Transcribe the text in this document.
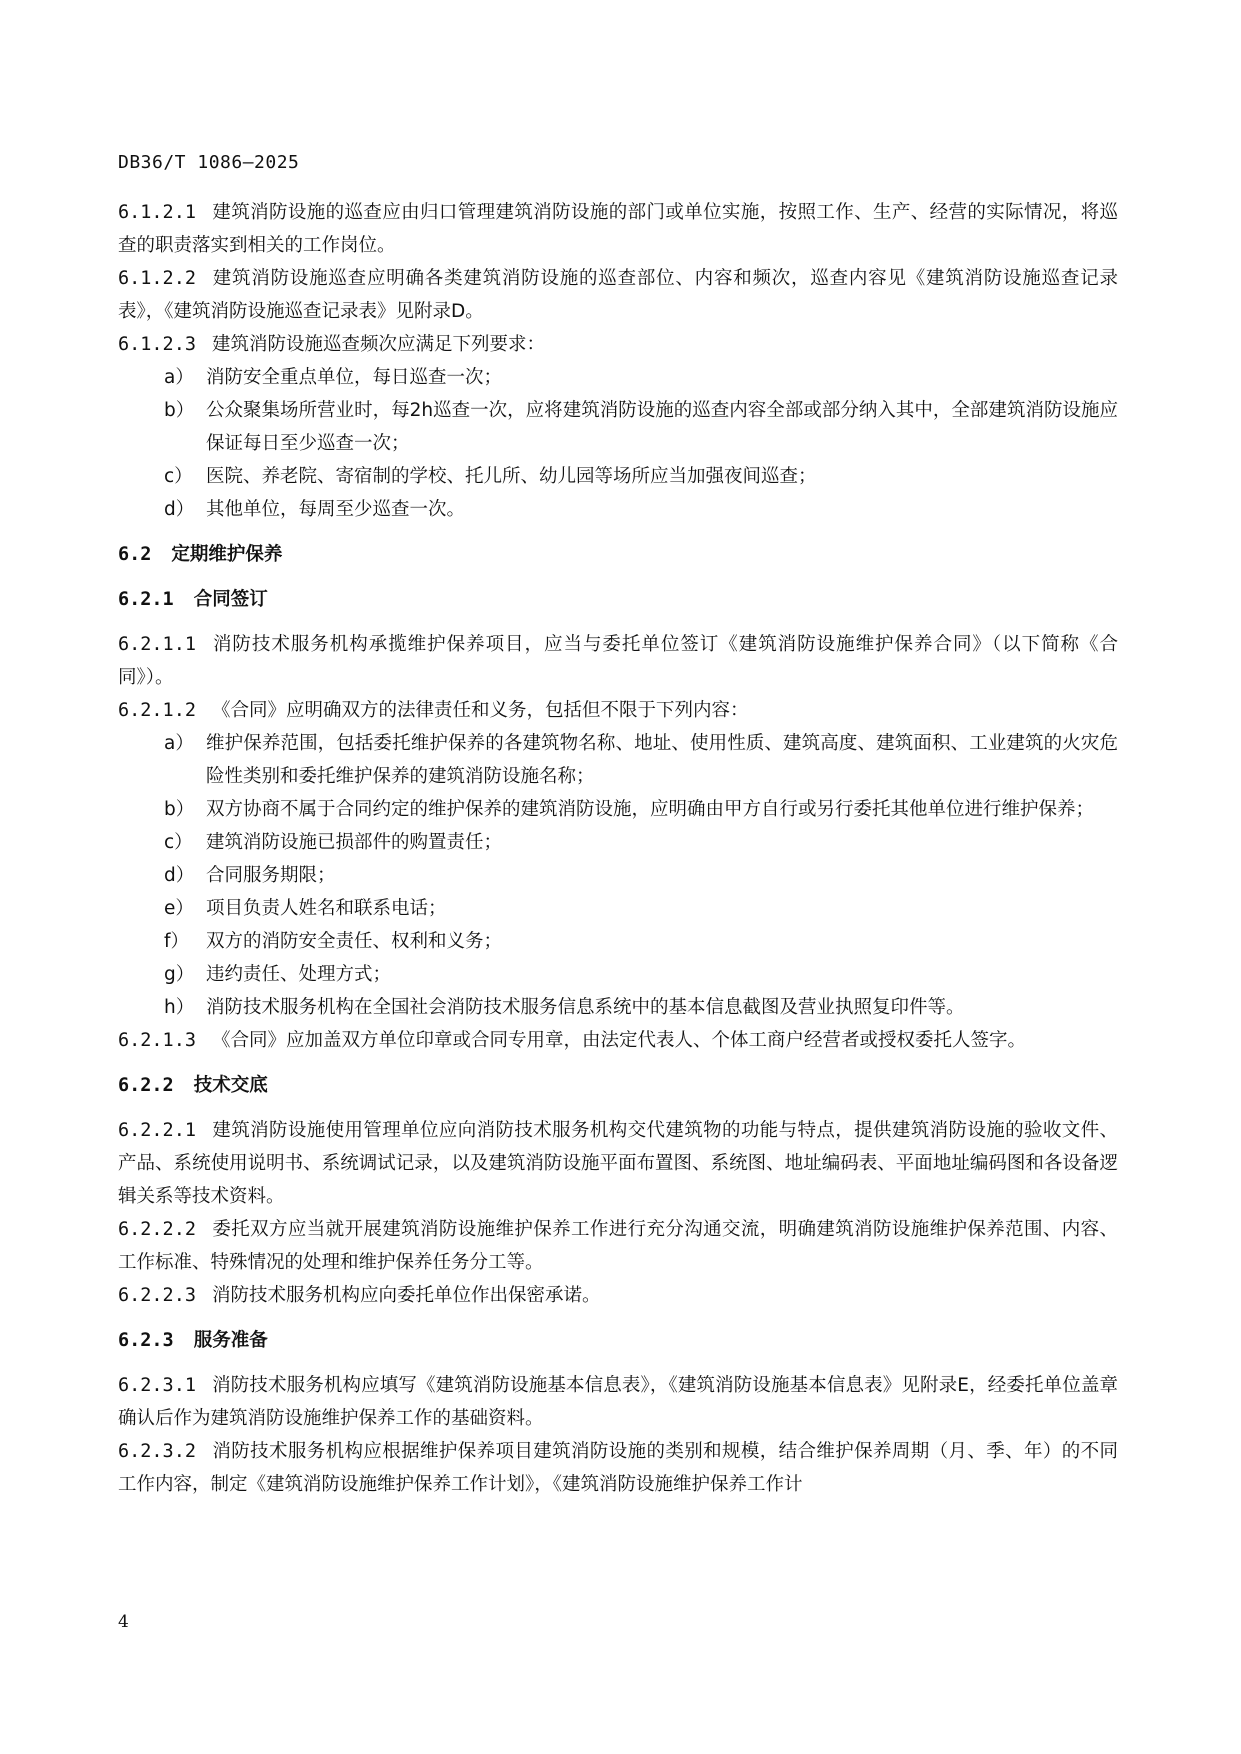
DB36/T 1086—2025

6.1.2.1 建筑消防设施的巡查应由归口管理建筑消防设施的部门或单位实施，按照工作、生产、经营的实际情况，将巡查的职责落实到相关的工作岗位。

6.1.2.2 建筑消防设施巡查应明确各类建筑消防设施的巡查部位、内容和频次，巡查内容见《建筑消防设施巡查记录表》，《建筑消防设施巡查记录表》见附录D。

6.1.2.3 建筑消防设施巡查频次应满足下列要求：

a） 消防安全重点单位，每日巡查一次；

b） 公众聚集场所营业时，每2h巡查一次，应将建筑消防设施的巡查内容全部或部分纳入其中，全部建筑消防设施应保证每日至少巡查一次；

c） 医院、养老院、寄宿制的学校、托儿所、幼儿园等场所应当加强夜间巡查；

d） 其他单位，每周至少巡查一次。

6.2 定期维护保养

6.2.1 合同签订

6.2.1.1 消防技术服务机构承揽维护保养项目，应当与委托单位签订《建筑消防设施维护保养合同》（以下简称《合同》）。

6.2.1.2 《合同》应明确双方的法律责任和义务，包括但不限于下列内容：

a） 维护保养范围，包括委托维护保养的各建筑物名称、地址、使用性质、建筑高度、建筑面积、工业建筑的火灾危险性类别和委托维护保养的建筑消防设施名称；

b） 双方协商不属于合同约定的维护保养的建筑消防设施，应明确由甲方自行或另行委托其他单位进行维护保养；

c） 建筑消防设施已损部件的购置责任；

d） 合同服务期限；

e） 项目负责人姓名和联系电话；

f） 双方的消防安全责任、权利和义务；

g） 违约责任、处理方式；

h） 消防技术服务机构在全国社会消防技术服务信息系统中的基本信息截图及营业执照复印件等。

6.2.1.3 《合同》应加盖双方单位印章或合同专用章，由法定代表人、个体工商户经营者或授权委托人签字。

6.2.2 技术交底

6.2.2.1 建筑消防设施使用管理单位应向消防技术服务机构交代建筑物的功能与特点，提供建筑消防设施的验收文件、产品、系统使用说明书、系统调试记录，以及建筑消防设施平面布置图、系统图、地址编码表、平面地址编码图和各设备逻辑关系等技术资料。

6.2.2.2 委托双方应当就开展建筑消防设施维护保养工作进行充分沟通交流，明确建筑消防设施维护保养范围、内容、工作标准、特殊情况的处理和维护保养任务分工等。

6.2.2.3 消防技术服务机构应向委托单位作出保密承诺。

6.2.3 服务准备

6.2.3.1 消防技术服务机构应填写《建筑消防设施基本信息表》，《建筑消防设施基本信息表》见附录E，经委托单位盖章确认后作为建筑消防设施维护保养工作的基础资料。

6.2.3.2 消防技术服务机构应根据维护保养项目建筑消防设施的类别和规模，结合维护保养周期（月、季、年）的不同工作内容，制定《建筑消防设施维护保养工作计划》，《建筑消防设施维护保养工作计

4
